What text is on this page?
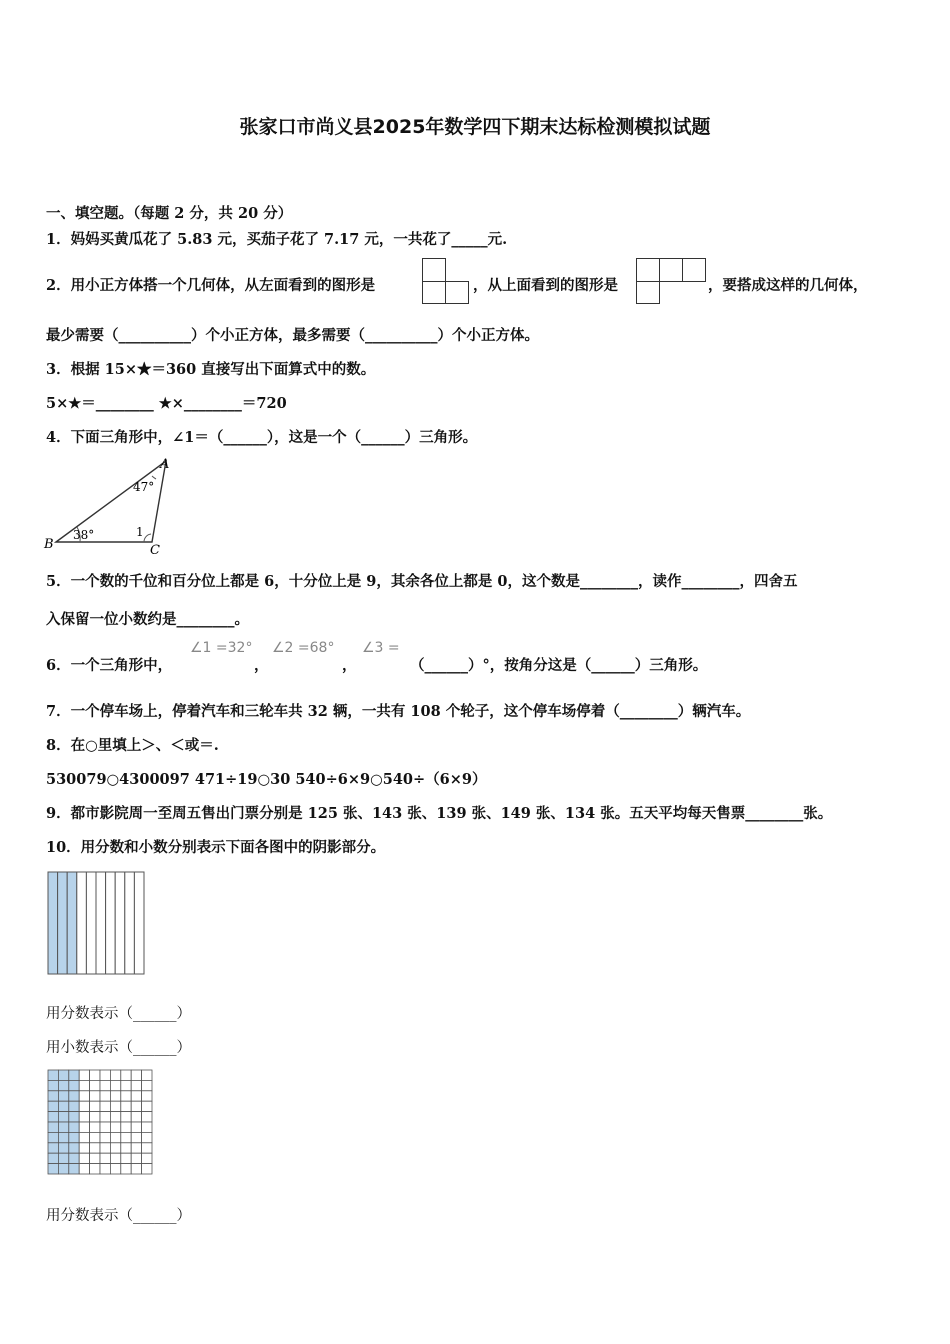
张家口市尚义县2025年数学四下期末达标检测模拟试题
一、填空题。（每题 2 分，共 20 分）
1．妈妈买黄瓜花了 5.83 元，买茄子花了 7.17 元，一共花了_____元.
2．用小正方体搭一个几何体，从左面看到的图形是	，从上面看到的图形是	，要搭成这样的几何体，
最少需要（__________）个小正方体，最多需要（__________）个小正方体。
3．根据 15×★＝360 直接写出下面算式中的数。
5×★＝________ ★×________＝720
4．下面三角形中，∠1＝（______），这是一个（______）三角形。
A
B	C
47°
38°	1
5．一个数的千位和百分位上都是 6，十分位上是 9，其余各位上都是 0，这个数是________，读作________，四舍五
入保留一位小数约是________。
6．一个三角形中，
∠1 =32°
，
∠2 =68°
，
∠3 =
（______）°，按角分这是（______）三角形。
7．一个停车场上，停着汽车和三轮车共 32 辆，一共有 108 个轮子，这个停车场停着（________）辆汽车。
8．在○里填上＞、＜或＝.
530079○4300097 471÷19○30 540÷6×9○540÷（6×9）
9．都市影院周一至周五售出门票分别是 125 张、143 张、139 张、149 张、134 张。五天平均每天售票________张。
10．用分数和小数分别表示下面各图中的阴影部分。
用分数表示（______）
用小数表示（______）
用分数表示（______）
